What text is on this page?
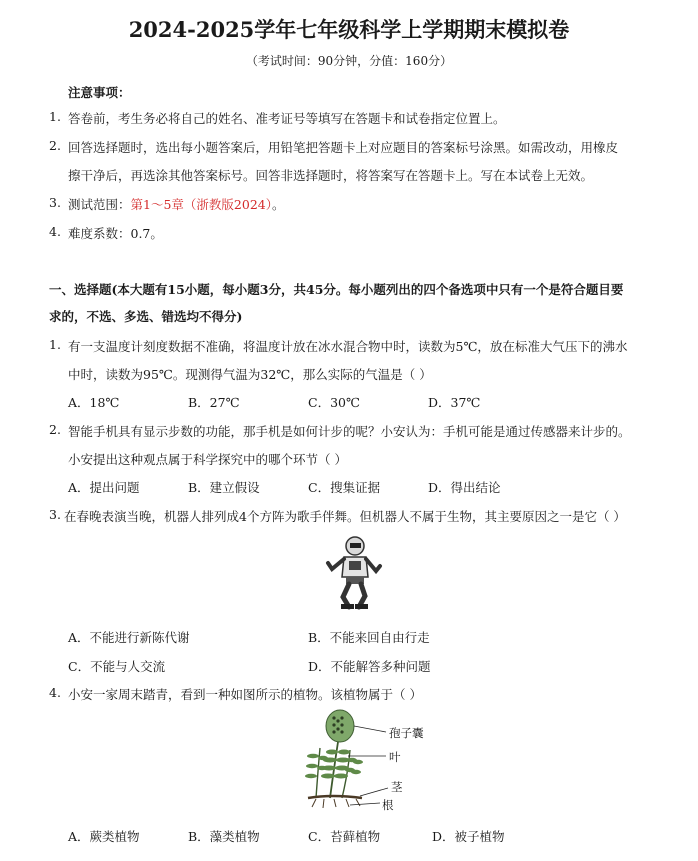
2024-2025学年七年级科学上学期期末模拟卷
（考试时间：90分钟，分值：160分）
注意事项：
1. 答卷前，考生务必将自己的姓名、准考证号等填写在答题卡和试卷指定位置上。
2. 回答选择题时，选出每小题答案后，用铅笔把答题卡上对应题目的答案标号涂黑。如需改动，用橡皮
擦干净后，再选涂其他答案标号。回答非选择题时，将答案写在答题卡上。写在本试卷上无效。
3. 测试范围：第1～5章（浙教版2024）。
4. 难度系数：0.7。
一、选择题(本大题有15小题，每小题3分，共45分。每小题列出的四个备选项中只有一个是符合题目要
求的，不选、多选、错选均不得分)
1. 有一支温度计刻度数据不准确，将温度计放在冰水混合物中时，读数为5℃，放在标准大气压下的沸水
中时，读数为95℃。现测得气温为32℃，那么实际的气温是（ ）
A．18℃	B．27℃	C．30℃	D．37℃
2. 智能手机具有显示步数的功能，那手机是如何计步的呢？小安认为：手机可能是通过传感器来计步的。
小安提出这种观点属于科学探究中的哪个环节（ ）
A．提出问题	B．建立假设	C．搜集证据	D．得出结论
3. 在春晚表演当晚，机器人排列成4个方阵为歌手伴舞。但机器人不属于生物，其主要原因之一是它（ ）
A．不能进行新陈代谢	B．不能来回自由行走
C．不能与人交流	D．不能解答多种问题
4. 小安一家周末踏青，看到一种如图所示的植物。该植物属于（ ）
孢子囊
叶
茎
根
A．蕨类植物	B．藻类植物	C．苔藓植物	D．被子植物
